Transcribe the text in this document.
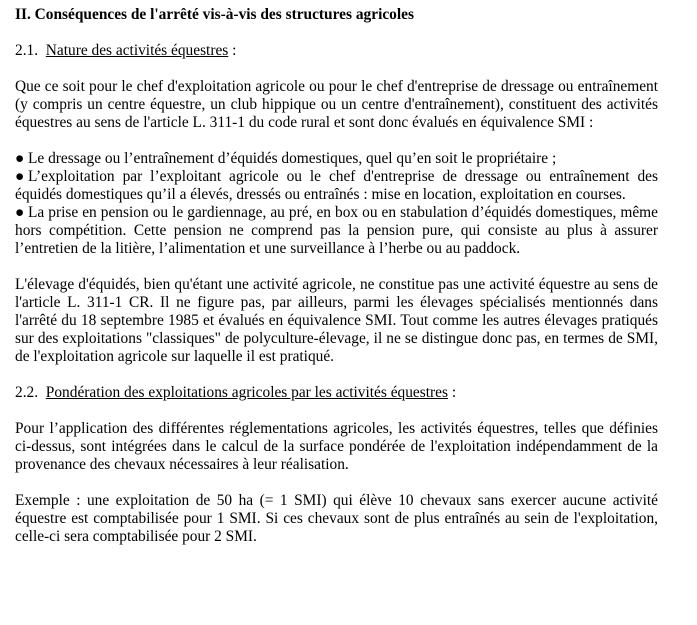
II. Conséquences de l'arrêté vis-à-vis des structures agricoles
2.1. Nature des activités équestres :

Que ce soit pour le chef d'exploitation agricole ou pour le chef d'entreprise de dressage ou entraînement (y compris un centre équestre, un club hippique ou un centre d'entraînement), constituent des activités équestres au sens de l'article L. 311-1 du code rural et sont donc évalués en équivalence SMI :

● Le dressage ou l’entraînement d’équidés domestiques, quel qu’en soit le propriétaire ;
● L’exploitation par l’exploitant agricole ou le chef d'entreprise de dressage ou entraînement des équidés domestiques qu’il a élevés, dressés ou entraînés : mise en location, exploitation en courses.
● La prise en pension ou le gardiennage, au pré, en box ou en stabulation d’équidés domestiques, même hors compétition. Cette pension ne comprend pas la pension pure, qui consiste au plus à assurer l’entretien de la litière, l’alimentation et une surveillance à l’herbe ou au paddock.

L'élevage d'équidés, bien qu'étant une activité agricole, ne constitue pas une activité équestre au sens de l'article L. 311-1 CR. Il ne figure pas, par ailleurs, parmi les élevages spécialisés mentionnés dans l'arrêté du 18 septembre 1985 et évalués en équivalence SMI. Tout comme les autres élevages pratiqués sur des exploitations "classiques" de polyculture-élevage, il ne se distingue donc pas, en termes de SMI, de l'exploitation agricole sur laquelle il est pratiqué.

2.2. Pondération des exploitations agricoles par les activités équestres :

Pour l’application des différentes réglementations agricoles, les activités équestres, telles que définies ci-dessus, sont intégrées dans le calcul de la surface pondérée de l'exploitation indépendamment de la provenance des chevaux nécessaires à leur réalisation.

Exemple : une exploitation de 50 ha (= 1 SMI) qui élève 10 chevaux sans exercer aucune activité équestre est comptabilisée pour 1 SMI. Si ces chevaux sont de plus entraînés au sein de l'exploitation, celle-ci sera comptabilisée pour 2 SMI.
